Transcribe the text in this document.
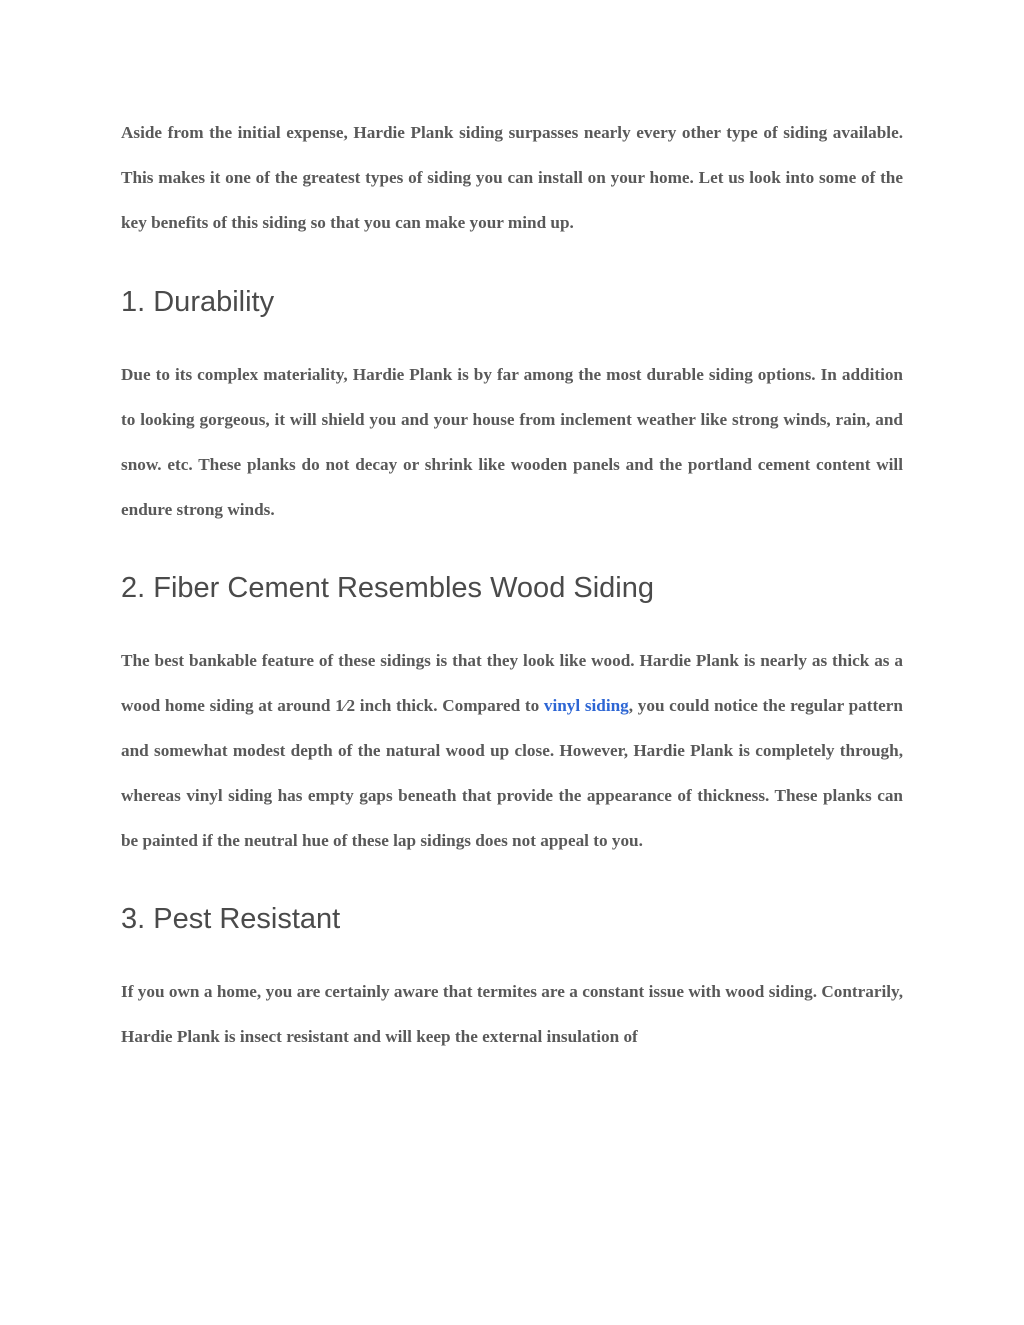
Aside from the initial expense, Hardie Plank siding surpasses nearly every other type of siding available. This makes it one of the greatest types of siding you can install on your home. Let us look into some of the key benefits of this siding so that you can make your mind up.

1. Durability

Due to its complex materiality, Hardie Plank is by far among the most durable siding options. In addition to looking gorgeous, it will shield you and your house from inclement weather like strong winds, rain, and snow. etc. These planks do not decay or shrink like wooden panels and the portland cement content will endure strong winds.

2. Fiber Cement Resembles Wood Siding

The best bankable feature of these sidings is that they look like wood. Hardie Plank is nearly as thick as a wood home siding at around 1⁄2 inch thick. Compared to vinyl siding, you could notice the regular pattern and somewhat modest depth of the natural wood up close. However, Hardie Plank is completely through, whereas vinyl siding has empty gaps beneath that provide the appearance of thickness. These planks can be painted if the neutral hue of these lap sidings does not appeal to you.

3. Pest Resistant

If you own a home, you are certainly aware that termites are a constant issue with wood siding. Contrarily, Hardie Plank is insect resistant and will keep the external insulation of
